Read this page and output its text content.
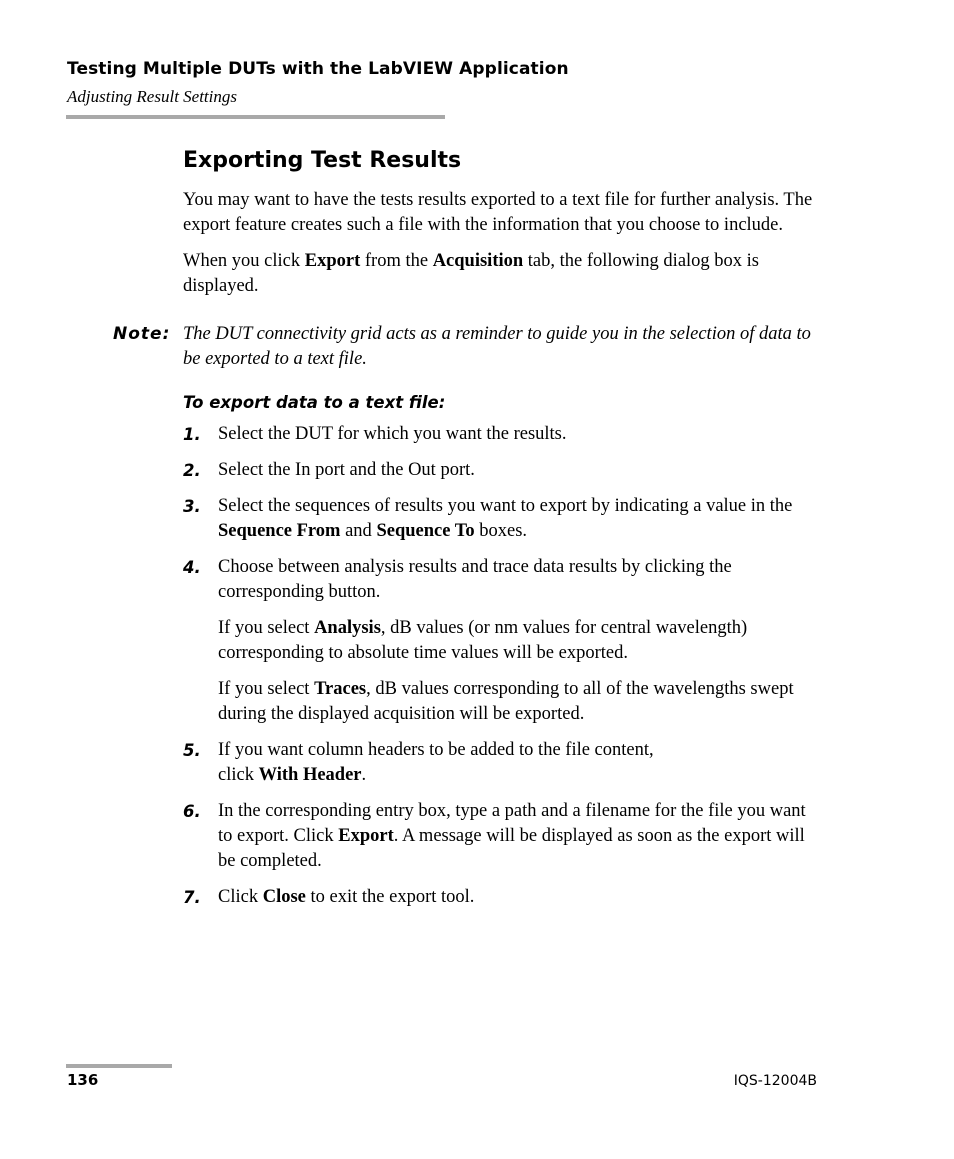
Testing Multiple DUTs with the LabVIEW Application
Adjusting Result Settings
Exporting Test Results

You may want to have the tests results exported to a text file for further analysis. The export feature creates such a file with the information that you choose to include.

When you click Export from the Acquisition tab, the following dialog box is displayed.

Note: The DUT connectivity grid acts as a reminder to guide you in the selection of data to be exported to a text file.
To export data to a text file:
1. Select the DUT for which you want the results.
2. Select the In port and the Out port.
3. Select the sequences of results you want to export by indicating a value in the Sequence From and Sequence To boxes.
4. Choose between analysis results and trace data results by clicking the corresponding button.
If you select Analysis, dB values (or nm values for central wavelength) corresponding to absolute time values will be exported.
If you select Traces, dB values corresponding to all of the wavelengths swept during the displayed acquisition will be exported.
5. If you want column headers to be added to the file content,
click With Header.
6. In the corresponding entry box, type a path and a filename for the file you want to export. Click Export. A message will be displayed as soon as the export will be completed.
7. Click Close to exit the export tool.
136	IQS-12004B
